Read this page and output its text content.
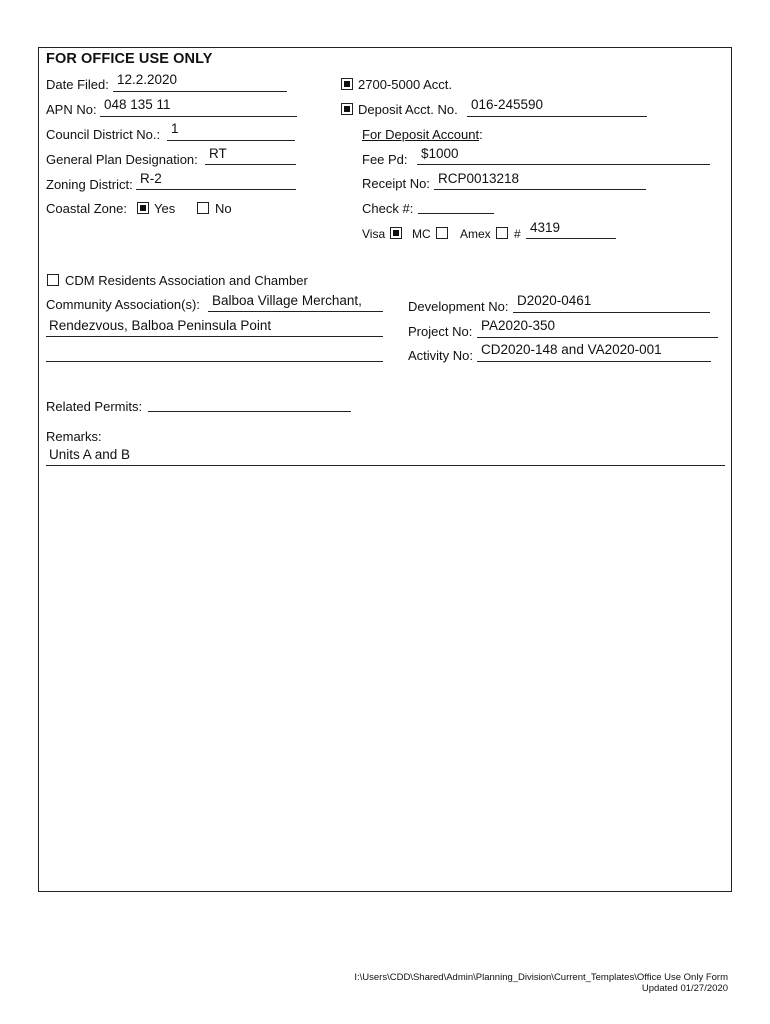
FOR OFFICE USE ONLY
Date Filed: 12.2.2020
APN No: 048 135 11
Council District No.: 1
General Plan Designation: RT
Zoning District: R-2
Coastal Zone: Yes	No
2700-5000 Acct.
Deposit Acct. No. 016-245590
For Deposit Account:
Fee Pd: $1000
Receipt No: RCP0013218
Check #:
Visa MC Amex # 4319
CDM Residents Association and Chamber
Community Association(s): Balboa Village Merchant,
Rendezvous, Balboa Peninsula Point
Development No: D2020-0461
Project No: PA2020-350
Activity No: CD2020-148 and VA2020-001
Related Permits:
Remarks:
Units A and B
I:\Users\CDD\Shared\Admin\Planning_Division\Current_Templates\Office Use Only Form
Updated 01/27/2020
